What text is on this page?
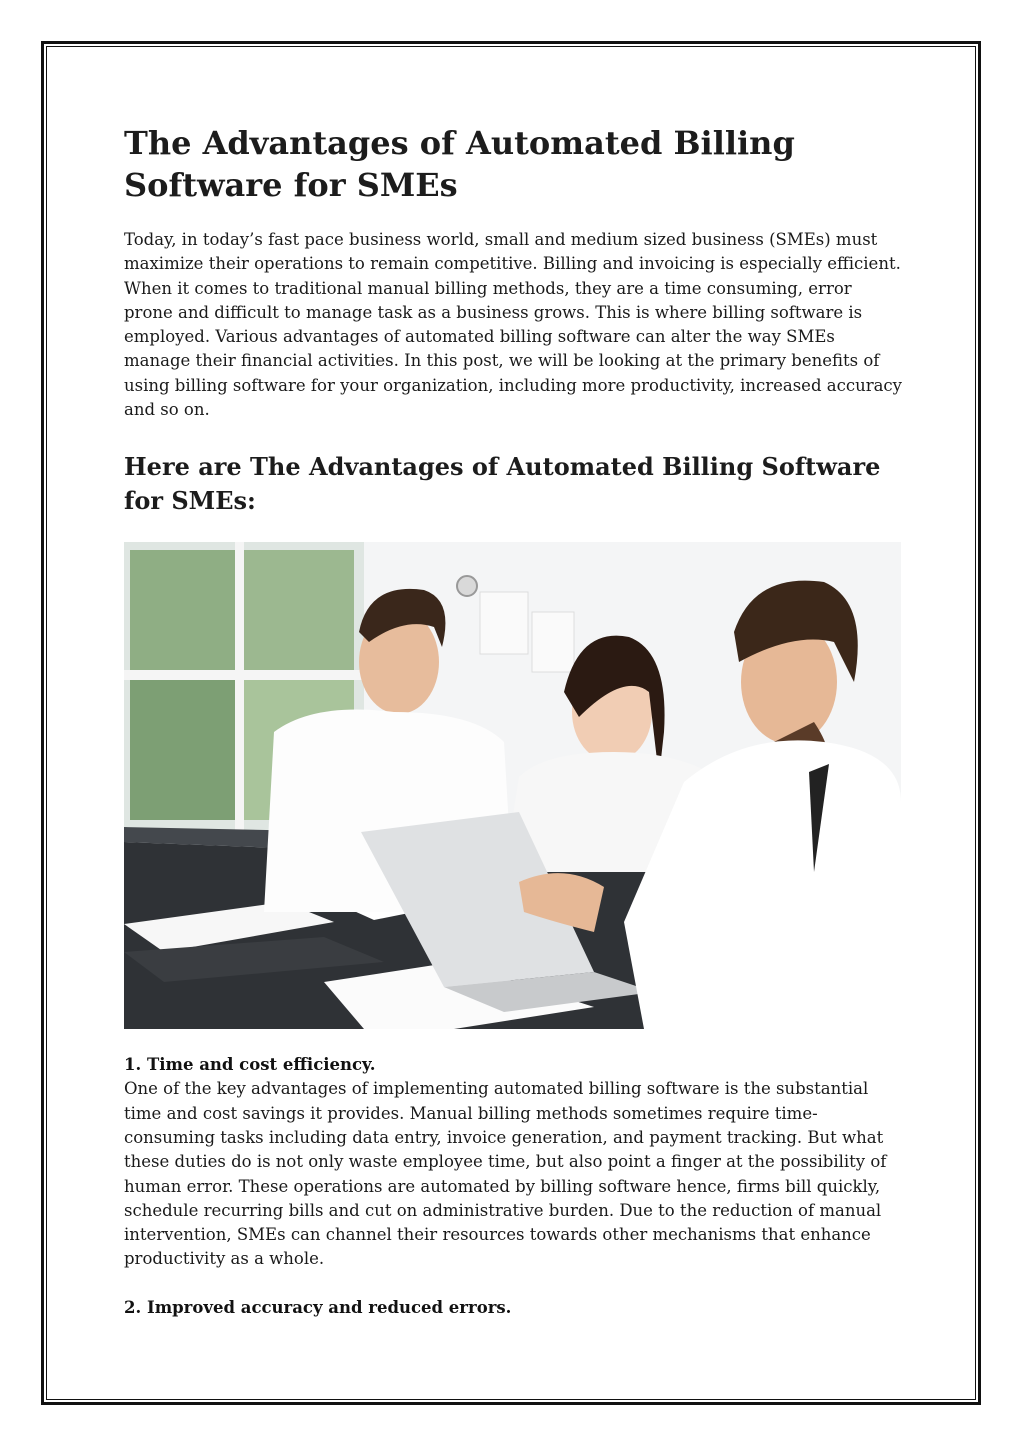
The Advantages of Automated Billing Software for SMEs

Today, in today’s fast pace business world, small and medium sized business (SMEs) must maximize their operations to remain competitive. Billing and invoicing is especially efficient. When it comes to traditional manual billing methods, they are a time consuming, error prone and difficult to manage task as a business grows. This is where billing software is employed. Various advantages of automated billing software can alter the way SMEs manage their financial activities. In this post, we will be looking at the primary benefits of using billing software for your organization, including more productivity, increased accuracy and so on.

Here are The Advantages of Automated Billing Software for SMEs:

1. Time and cost efficiency.

One of the key advantages of implementing automated billing software is the substantial time and cost savings it provides. Manual billing methods sometimes require time-consuming tasks including data entry, invoice generation, and payment tracking. But what these duties do is not only waste employee time, but also point a finger at the possibility of human error. These operations are automated by billing software hence, firms bill quickly, schedule recurring bills and cut on administrative burden. Due to the reduction of manual intervention, SMEs can channel their resources towards other mechanisms that enhance productivity as a whole.

2. Improved accuracy and reduced errors.
